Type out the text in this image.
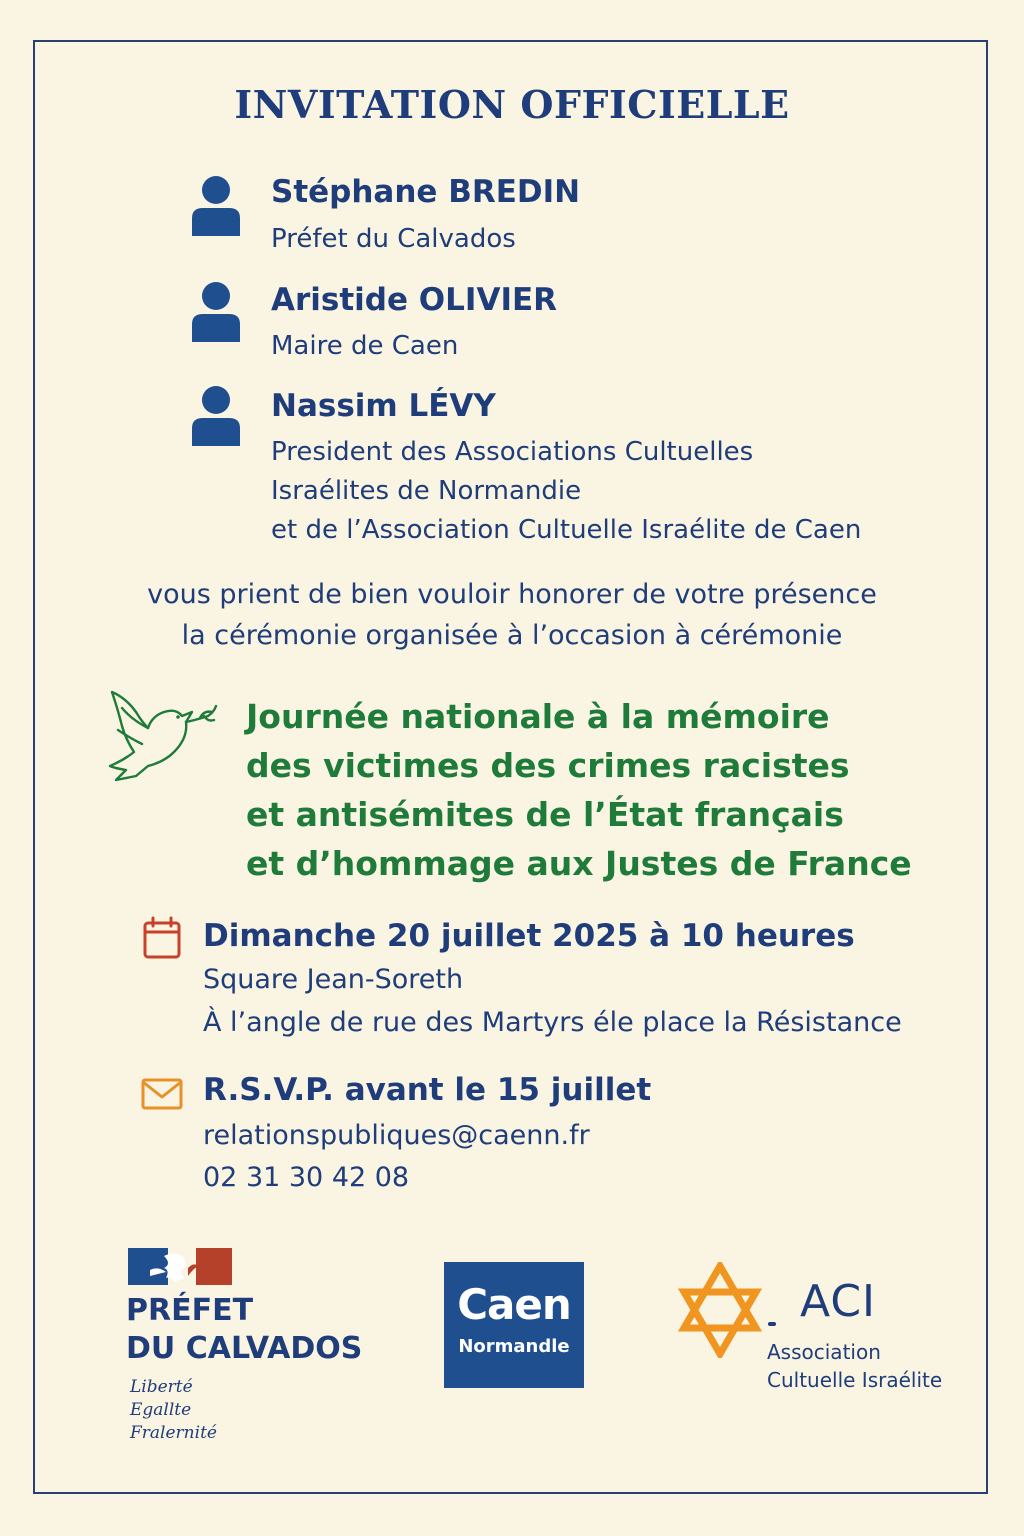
INVITATION OFFICIELLE
Stéphane BREDIN
Préfet du Calvados
Aristide OLIVIER
Maire de Caen
Nassim LÉVY
President des Associations Cultuelles
Israélites de Normandie
et de l’Association Cultuelle Israélite de Caen
vous prient de bien vouloir honorer de votre présence
la cérémonie organisée à l’occasion à cérémonie
Journée nationale à la mémoire
des victimes des crimes racistes
et antisémites de l’État français
et d’hommage aux Justes de France
Dimanche 20 juillet 2025 à 10 heures
Square Jean-Soreth
À l’angle de rue des Martyrs éle place la Résistance
R.S.V.P. avant le 15 juillet
relationspubliques@caenn.fr
02 31 30 42 08
PRÉFET
DU CALVADOS
Liberté
Egallte
Fralernité
Caen
Normandle
ACI
Association
Cultuelle Israélite
